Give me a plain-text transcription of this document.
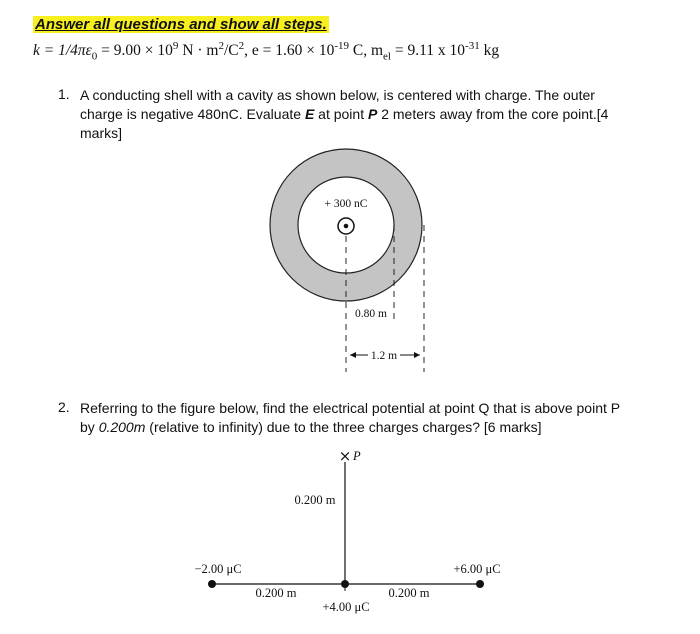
Answer all questions and show all steps.
$k = 1/4\pi\varepsilon_0 = 9.00 \times 10^9$ $N \cdot m^2/C^2$, $e = 1.60 \times 10^{-19}$ C, $m_{el} = 9.11$ x $10^{-31}$ kg
1. A conducting shell with a cavity as shown below, is centered with charge. The outer charge is negative 480nC. Evaluate E at point P 2 meters away from the core point.[4 marks]
2. Referring to the figure below, find the electrical potential at point Q that is above point P by 0.200m (relative to infinity) due to the three charges charges? [6 marks]
+ 300 nC
0.80 m
1.2 m
× P
0.200 m
−2.00 μC	+6.00 μC
0.200 m	0.200 m
+4.00 μC
